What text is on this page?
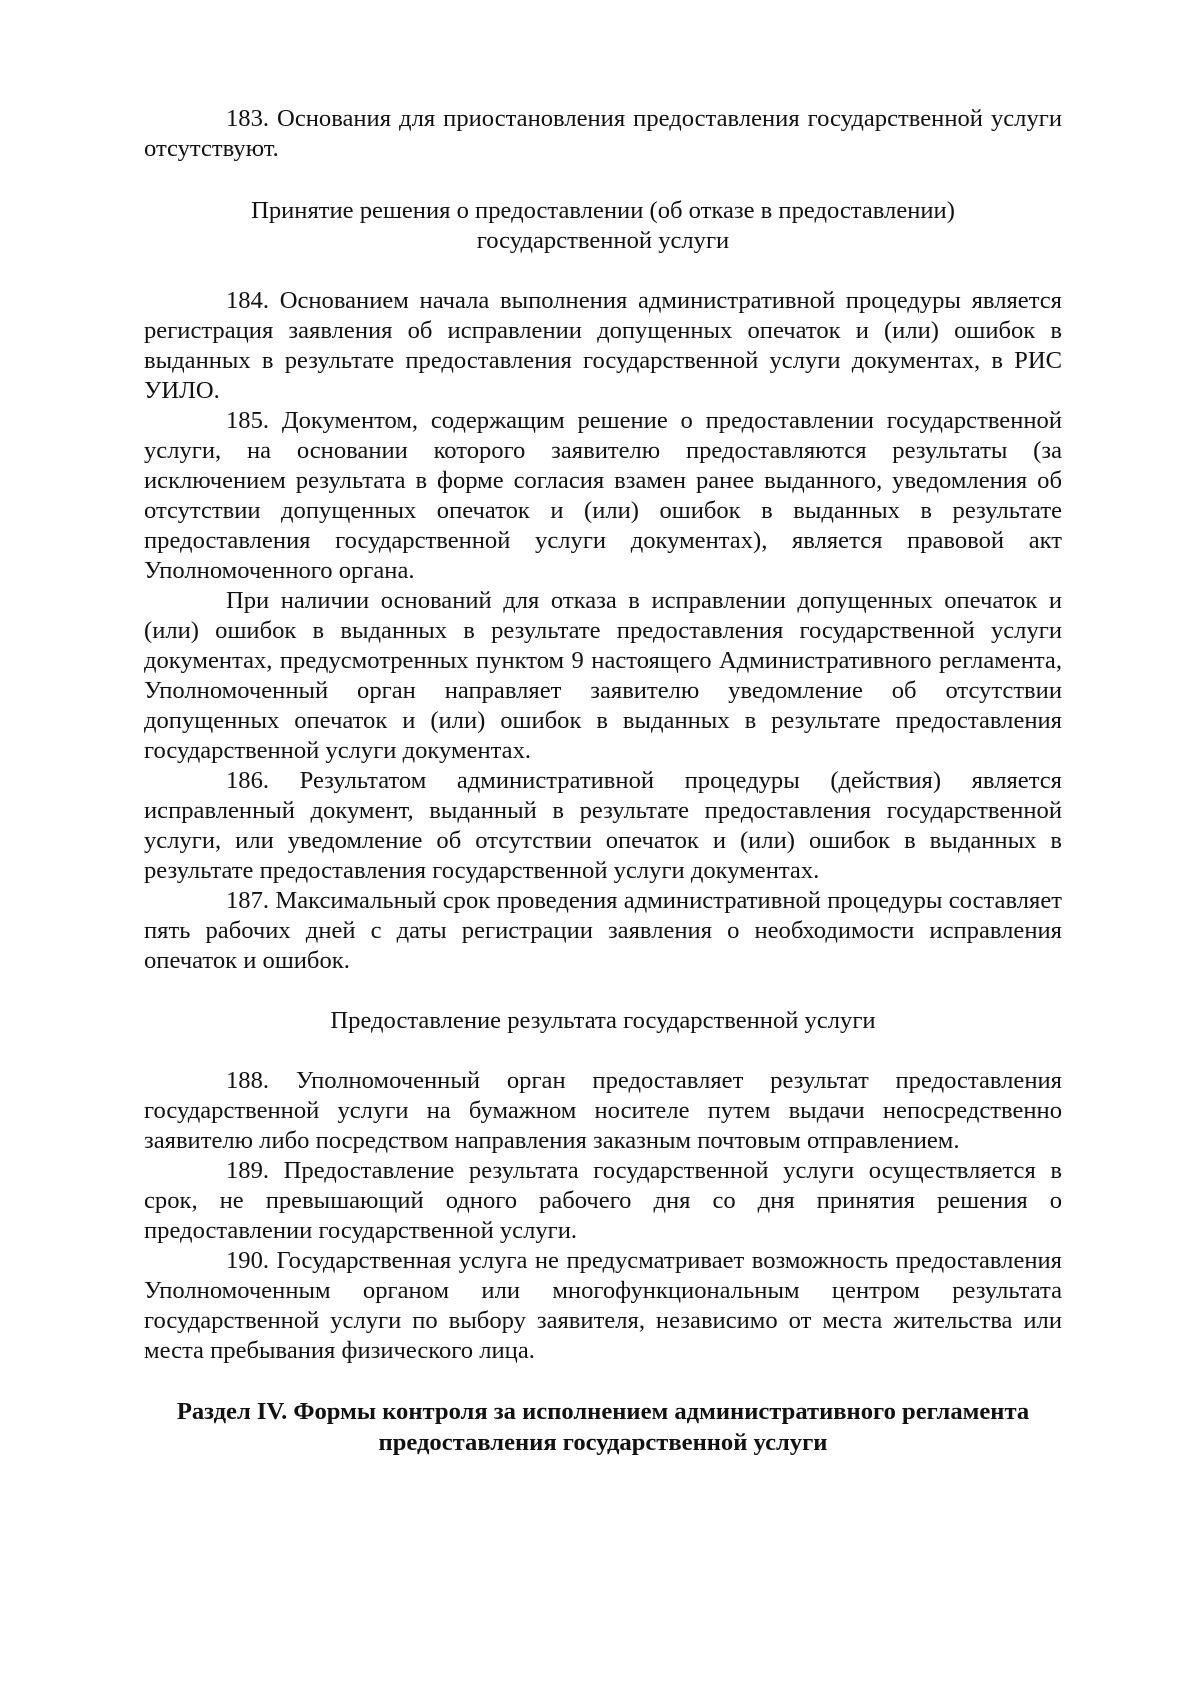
183. Основания для приостановления предоставления государственной услуги отсутствуют.

Принятие решения о предоставлении (об отказе в предоставлении)
государственной услуги

184. Основанием начала выполнения административной процедуры является регистрация заявления об исправлении допущенных опечаток и (или) ошибок в выданных в результате предоставления государственной услуги документах, в РИС УИЛО.

185. Документом, содержащим решение о предоставлении государственной услуги, на основании которого заявителю предоставляются результаты (за исключением результата в форме согласия взамен ранее выданного, уведомления об отсутствии допущенных опечаток и (или) ошибок в выданных в результате предоставления государственной услуги документах), является правовой акт Уполномоченного органа.

При наличии оснований для отказа в исправлении допущенных опечаток и (или) ошибок в выданных в результате предоставления государственной услуги документах, предусмотренных пунктом 9 настоящего Административного регламента, Уполномоченный орган направляет заявителю уведомление об отсутствии допущенных опечаток и (или) ошибок в выданных в результате предоставления государственной услуги документах.

186. Результатом административной процедуры (действия) является исправленный документ, выданный в результате предоставления государственной услуги, или уведомление об отсутствии опечаток и (или) ошибок в выданных в результате предоставления государственной услуги документах.

187. Максимальный срок проведения административной процедуры составляет пять рабочих дней с даты регистрации заявления о необходимости исправления опечаток и ошибок.

Предоставление результата государственной услуги

188. Уполномоченный орган предоставляет результат предоставления государственной услуги на бумажном носителе путем выдачи непосредственно заявителю либо посредством направления заказным почтовым отправлением.

189. Предоставление результата государственной услуги осуществляется в срок, не превышающий одного рабочего дня со дня принятия решения о предоставлении государственной услуги.

190. Государственная услуга не предусматривает возможность предоставления Уполномоченным органом или многофункциональным центром результата государственной услуги по выбору заявителя, независимо от места жительства или места пребывания физического лица.

Раздел IV. Формы контроля за исполнением административного регламента
предоставления государственной услуги
